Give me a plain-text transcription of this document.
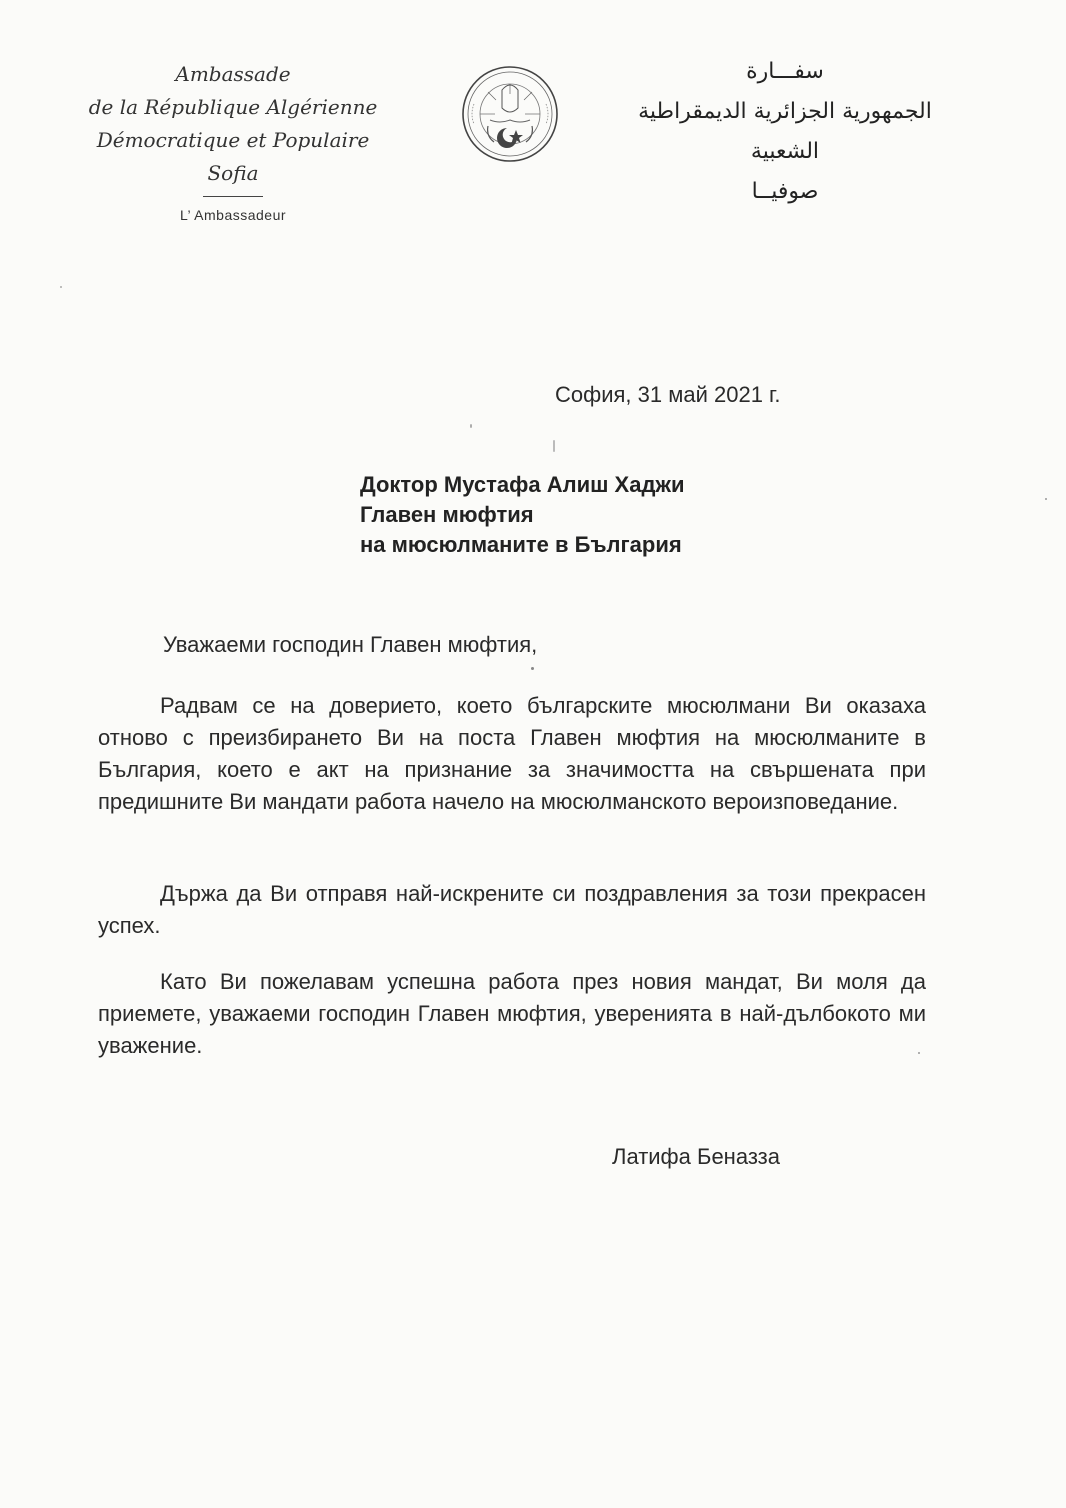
Ambassade
de la République Algérienne
Démocratique et Populaire
Sofia
L’ Ambassadeur
سفـــارة
الجمهورية الجزائرية الديمقراطية الشعبية
صوفيــا
София, 31 май 2021 г.
Доктор Мустафа Алиш Хаджи
Главен мюфтия
на мюсюлманите в България
Уважаеми господин Главен мюфтия,

Радвам се на доверието, което българските мюсюлмани Ви оказаха отново с преизбирането Ви на поста Главен мюфтия на мюсюлманите в България, което е акт на признание за значимостта на свършената при предишните Ви мандати работа начело на мюсюлманското вероизповедание.

Държа да Ви отправя най-искрените си поздравления за този прекрасен успех.

Като Ви пожелавам успешна работа през новия мандат, Ви моля да приемете, уважаеми господин Главен мюфтия, уверенията в най-дълбокото ми уважение.

Латифа Беназза
